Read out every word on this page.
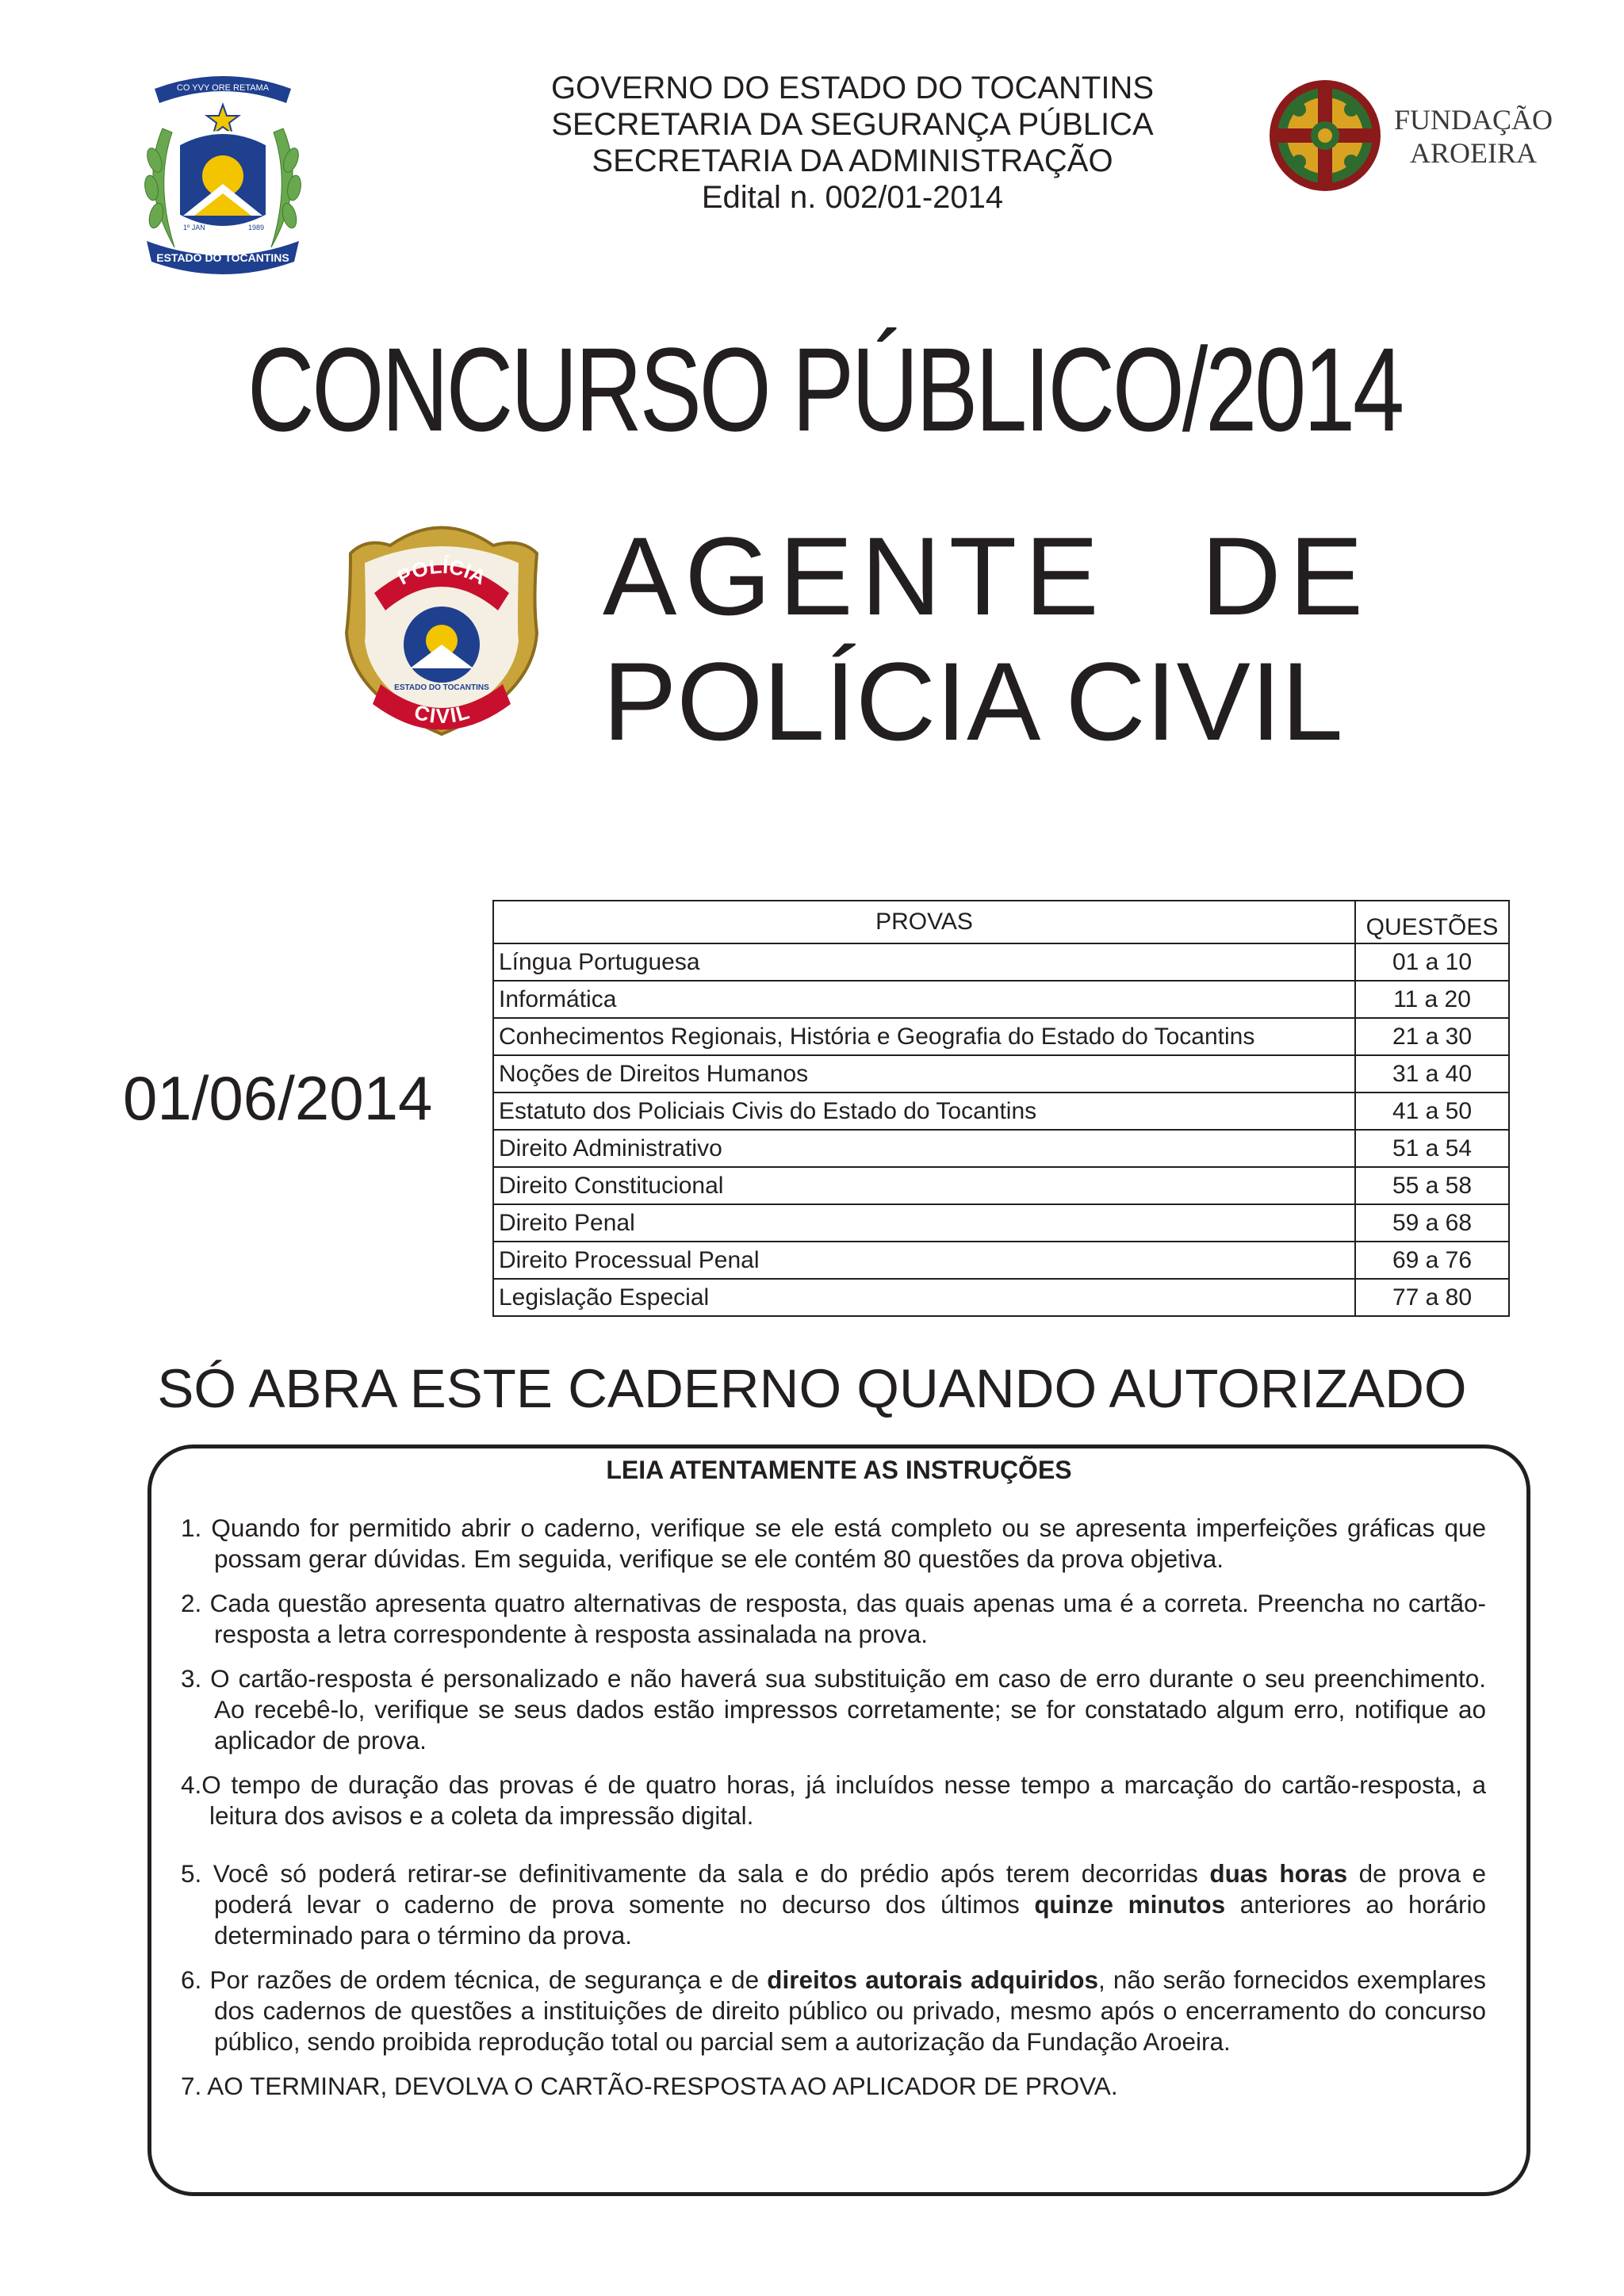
GOVERNO DO ESTADO DO TOCANTINS
SECRETARIA DA SEGURANÇA PÚBLICA
SECRETARIA DA ADMINISTRAÇÃO
Edital n. 002/01-2014
CO YVY ORE RETAMA
ESTADO DO TOCANTINS
1º JAN	1989
FUNDAÇÃO
AROEIRA
CONCURSO PÚBLICO/2014
POLÍCIA
CIVIL
ESTADO DO TOCANTINS
AGENTE DE
POLÍCIA CIVIL
01/06/2014
PROVAS	QUESTÕES
Língua Portuguesa	01 a 10
Informática	11 a 20
Conhecimentos Regionais, História e Geografia do Estado do Tocantins	21 a 30
Noções de Direitos Humanos	31 a 40
Estatuto dos Policiais Civis do Estado do Tocantins	41 a 50
Direito Administrativo	51 a 54
Direito Constitucional	55 a 58
Direito Penal	59 a 68
Direito Processual Penal	69 a 76
Legislação Especial	77 a 80
SÓ ABRA ESTE CADERNO QUANDO AUTORIZADO
LEIA ATENTAMENTE AS INSTRUÇÕES

1. Quando for permitido abrir o caderno, verifique se ele está completo ou se apresenta imperfeições gráficas que possam gerar dúvidas. Em seguida, verifique se ele contém 80 questões da prova objetiva.

2. Cada questão apresenta quatro alternativas de resposta, das quais apenas uma é a correta. Preencha no cartão-resposta a letra correspondente à resposta assinalada na prova.

3. O cartão-resposta é personalizado e não haverá sua substituição em caso de erro durante o seu preenchimento. Ao recebê-lo, verifique se seus dados estão impressos corretamente; se for constatado algum erro, notifique ao aplicador de prova.

4.O tempo de duração das provas é de quatro horas, já incluídos nesse tempo a marcação do cartão-resposta, a leitura dos avisos e a coleta da impressão digital.

5. Você só poderá retirar-se definitivamente da sala e do prédio após terem decorridas duas horas de prova e poderá levar o caderno de prova somente no decurso dos últimos quinze minutos anteriores ao horário determinado para o término da prova.

6. Por razões de ordem técnica, de segurança e de direitos autorais adquiridos, não serão fornecidos exemplares dos cadernos de questões a instituições de direito público ou privado, mesmo após o encerramento do concurso público, sendo proibida reprodução total ou parcial sem a autorização da Fundação Aroeira.

7. AO TERMINAR, DEVOLVA O CARTÃO-RESPOSTA AO APLICADOR DE PROVA.
